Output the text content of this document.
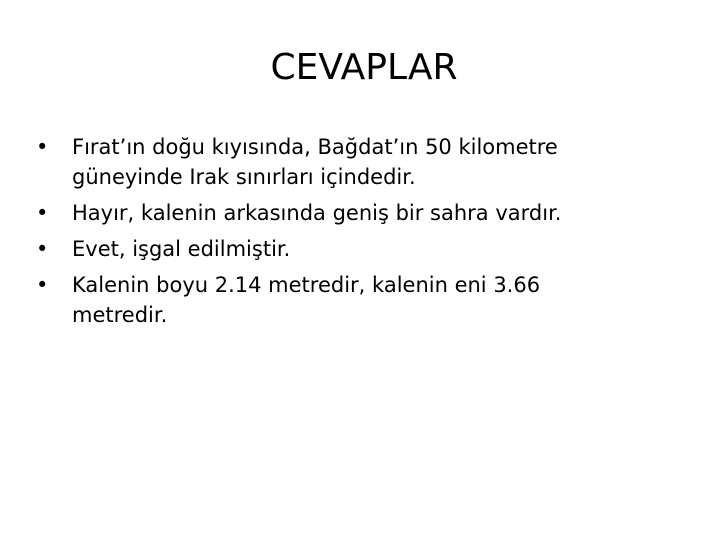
CEVAPLAR
•	Fırat’ın doğu kıyısında, Bağdat’ın 50 kilometre güneyinde Irak sınırları içindedir.
•	Hayır, kalenin arkasında geniş bir sahra vardır.
•	Evet, işgal edilmiştir.
•	Kalenin boyu 2.14 metredir, kalenin eni 3.66 metredir.
